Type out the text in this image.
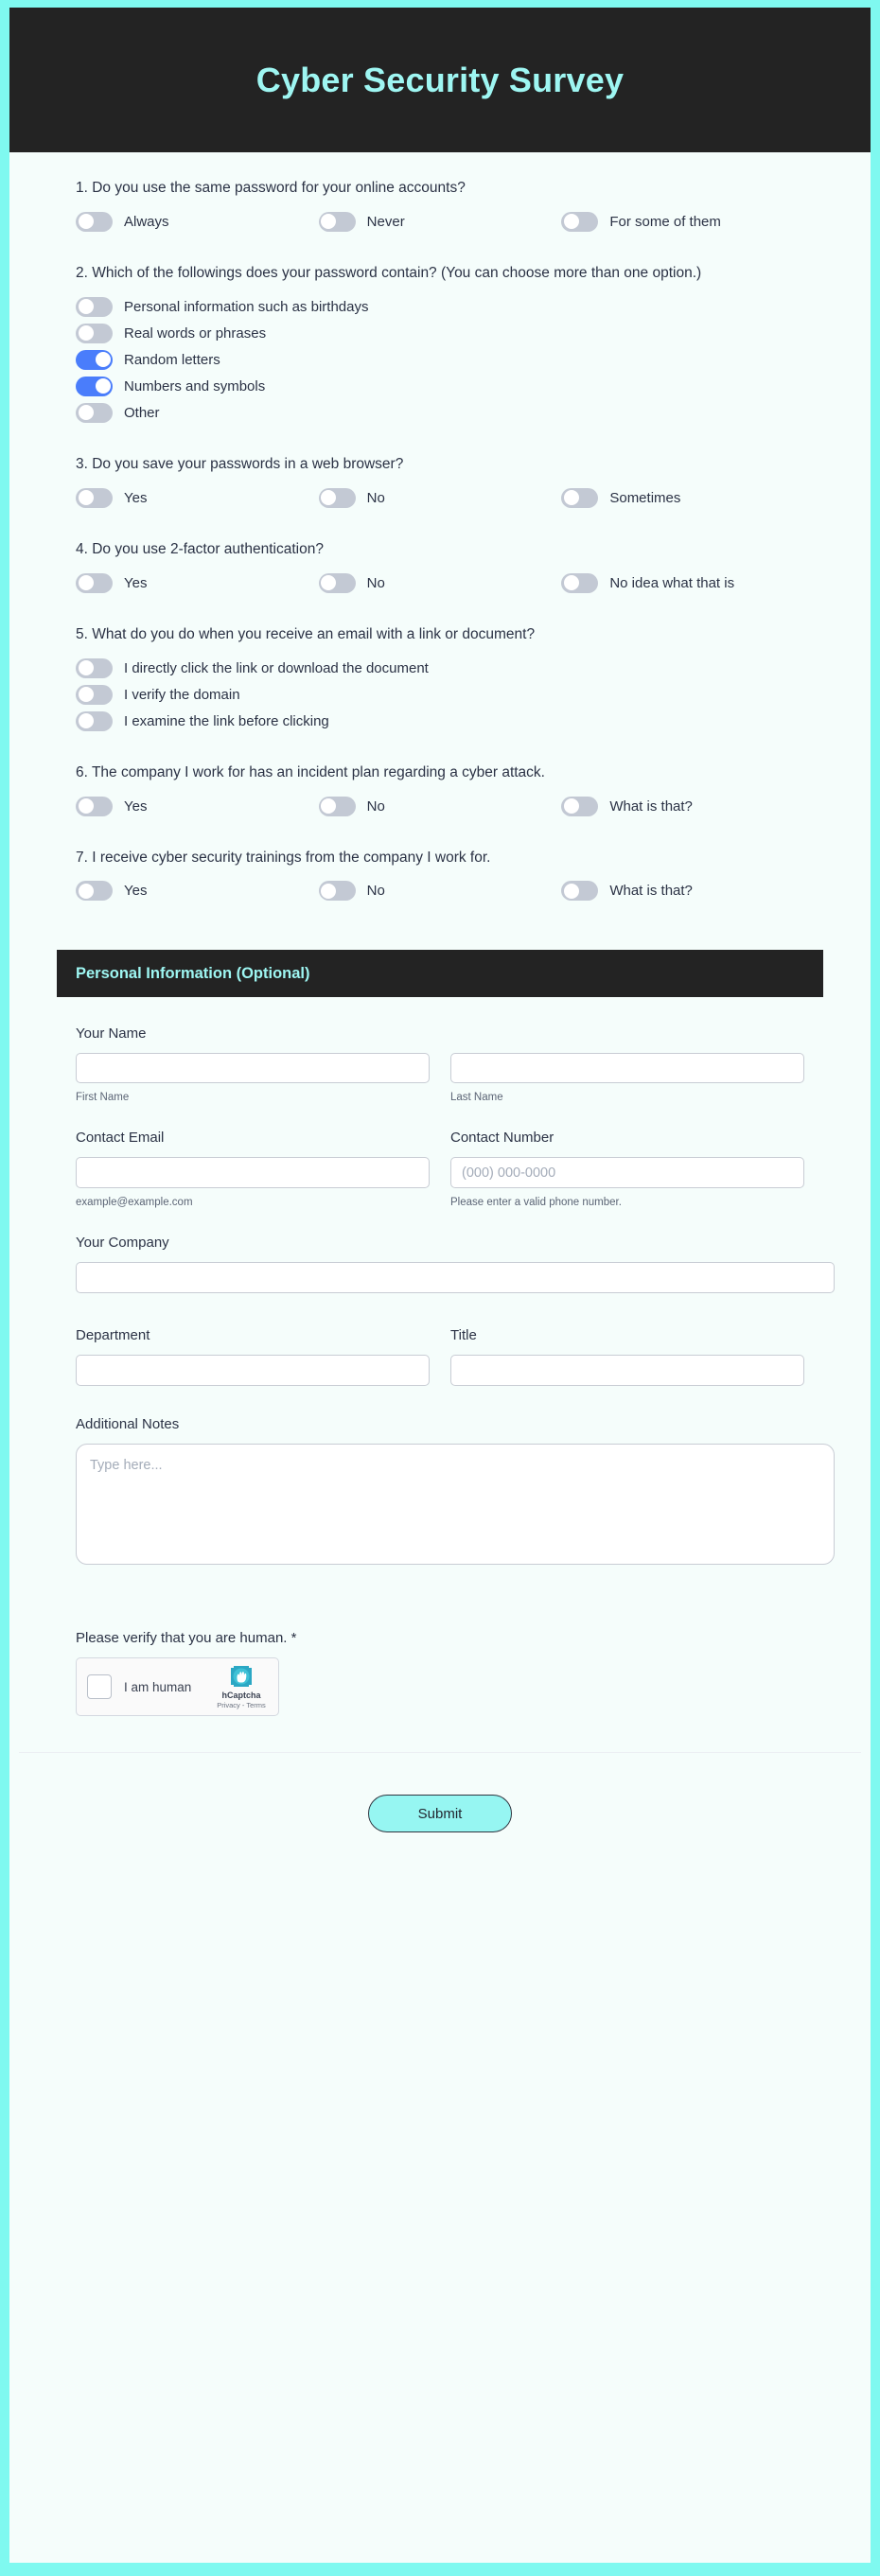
Cyber Security Survey
1. Do you use the same password for your online accounts?
Always	Never	For some of them
2. Which of the followings does your password contain? (You can choose more than one option.)
Personal information such as birthdays
Real words or phrases
Random letters
Numbers and symbols
Other
3. Do you save your passwords in a web browser?
Yes	No	Sometimes
4. Do you use 2-factor authentication?
Yes	No	No idea what that is
5. What do you do when you receive an email with a link or document?
I directly click the link or download the document
I verify the domain
I examine the link before clicking
6. The company I work for has an incident plan regarding a cyber attack.
Yes	No	What is that?
7. I receive cyber security trainings from the company I work for.
Yes	No	What is that?
Personal Information (Optional)
Your Name
First Name	Last Name
Contact Email
example@example.com
Contact Number
(000) 000-0000
Please enter a valid phone number.
Your Company
Department	Title
Additional Notes
Type here...
Please verify that you are human. *
I am human
hCaptcha
Privacy - Terms
Submit
